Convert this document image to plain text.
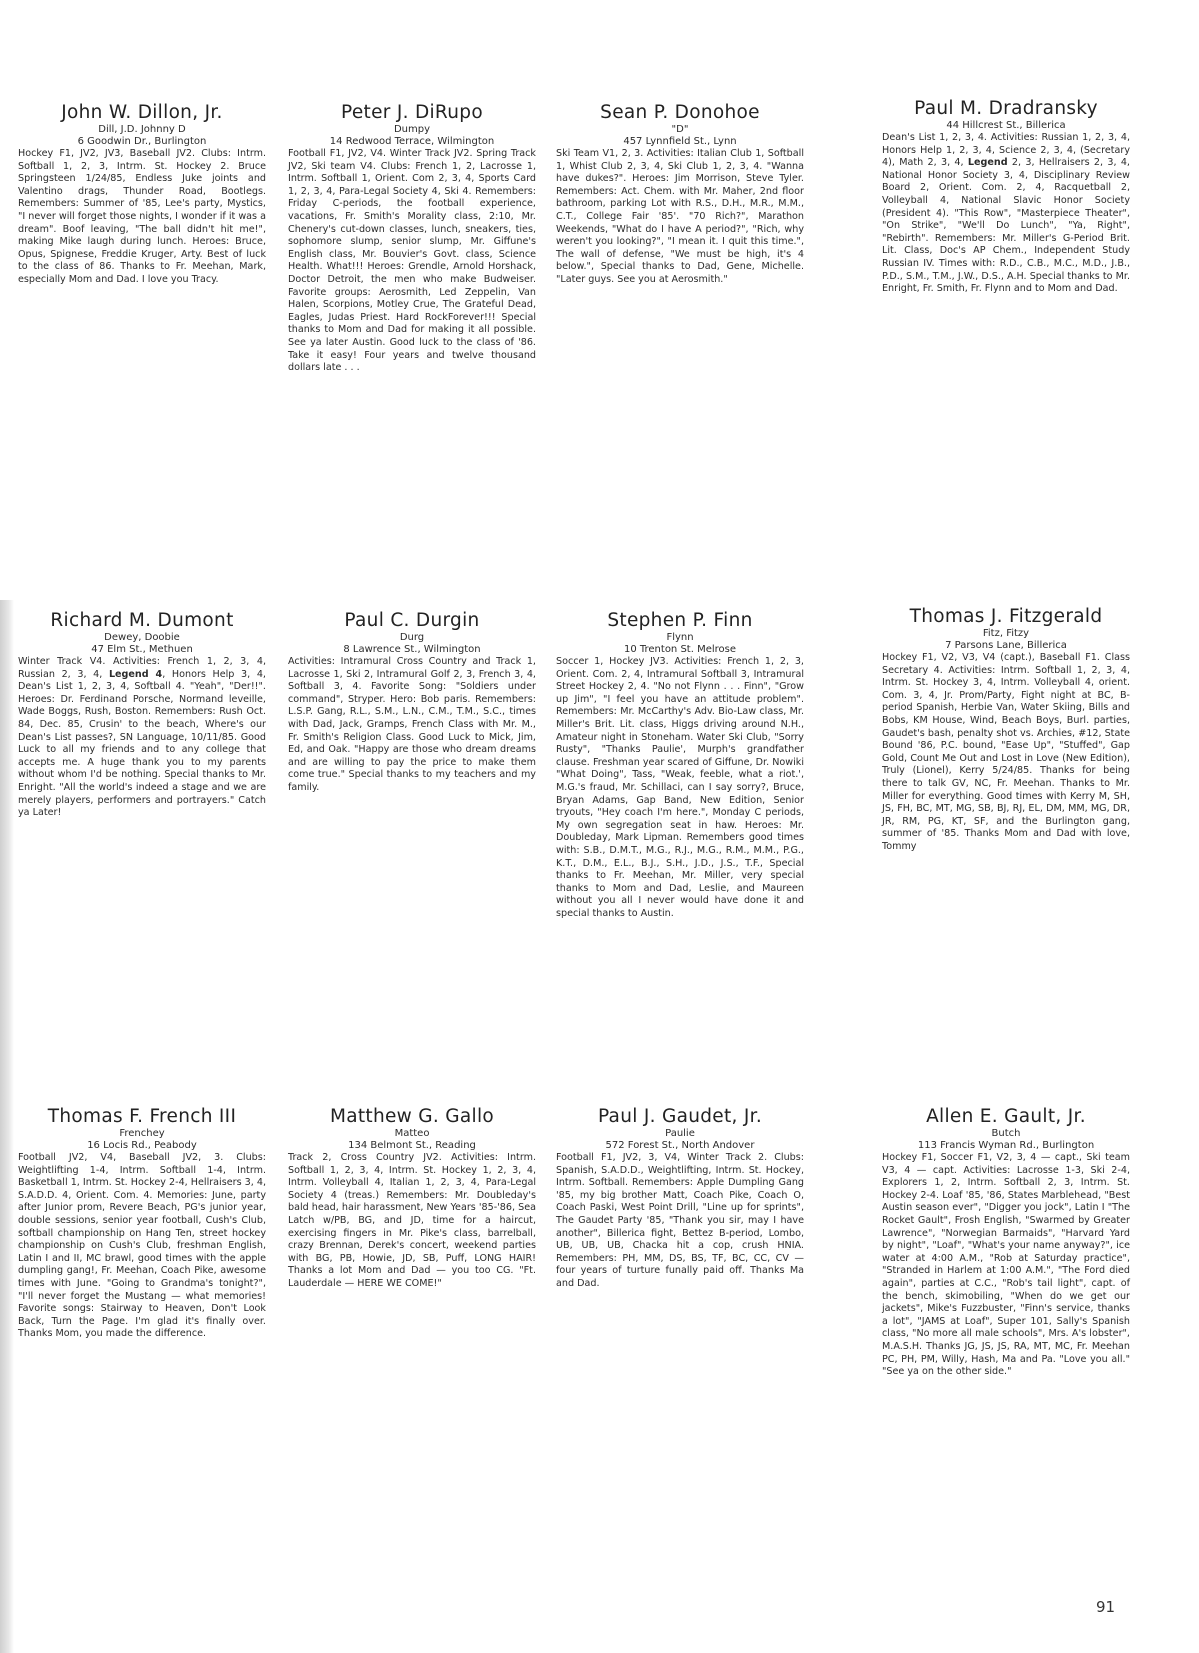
John W. Dillon, Jr.

Dill, J.D. Johnny D

6 Goodwin Dr., Burlington

Hockey F1, JV2, JV3, Baseball JV2. Clubs: Intrm. Softball 1, 2, 3, Intrm. St. Hockey 2. Bruce Springsteen 1/24/85, Endless Juke joints and Valentino drags, Thunder Road, Bootlegs. Remembers: Summer of '85, Lee's party, Mystics, "I never will forget those nights, I wonder if it was a dream". Boof leaving, "The ball didn't hit me!", making Mike laugh during lunch. Heroes: Bruce, Opus, Spignese, Freddie Kruger, Arty. Best of luck to the class of 86. Thanks to Fr. Meehan, Mark, especially Mom and Dad. I love you Tracy.

Peter J. DiRupo

Dumpy

14 Redwood Terrace, Wilmington

Football F1, JV2, V4. Winter Track JV2. Spring Track JV2, Ski team V4. Clubs: French 1, 2, Lacrosse 1, Intrm. Softball 1, Orient. Com 2, 3, 4, Sports Card 1, 2, 3, 4, Para-Legal Society 4, Ski 4. Remembers: Friday C-periods, the football experience, vacations, Fr. Smith's Morality class, 2:10, Mr. Chenery's cut-down classes, lunch, sneakers, ties, sophomore slump, senior slump, Mr. Giffune's English class, Mr. Bouvier's Govt. class, Science Health. What!!! Heroes: Grendle, Arnold Horshack, Doctor Detroit, the men who make Budweiser. Favorite groups: Aerosmith, Led Zeppelin, Van Halen, Scorpions, Motley Crue, The Grateful Dead, Eagles, Judas Priest. Hard RockForever!!! Special thanks to Mom and Dad for making it all possible. See ya later Austin. Good luck to the class of '86. Take it easy! Four years and twelve thousand dollars late . . .

Sean P. Donohoe

"D"

457 Lynnfield St., Lynn

Ski Team V1, 2, 3. Activities: Italian Club 1, Softball 1, Whist Club 2, 3, 4, Ski Club 1, 2, 3, 4. "Wanna have dukes?". Heroes: Jim Morrison, Steve Tyler. Remembers: Act. Chem. with Mr. Maher, 2nd floor bathroom, parking Lot with R.S., D.H., M.R., M.M., C.T., College Fair '85'. "70 Rich?", Marathon Weekends, "What do I have A period?", "Rich, why weren't you looking?", "I mean it. I quit this time.", The wall of defense, "We must be high, it's 4 below.", Special thanks to Dad, Gene, Michelle. "Later guys. See you at Aerosmith."

Paul M. Dradransky

44 Hillcrest St., Billerica

Dean's List 1, 2, 3, 4. Activities: Russian 1, 2, 3, 4, Honors Help 1, 2, 3, 4, Science 2, 3, 4, (Secretary 4), Math 2, 3, 4, Legend 2, 3, Hellraisers 2, 3, 4, National Honor Society 3, 4, Disciplinary Review Board 2, Orient. Com. 2, 4, Racquetball 2, Volleyball 4, National Slavic Honor Society (President 4). "This Row", "Masterpiece Theater", "On Strike", "We'll Do Lunch", "Ya, Right", "Rebirth". Remembers: Mr. Miller's G-Period Brit. Lit. Class, Doc's AP Chem., Independent Study Russian IV. Times with: R.D., C.B., M.C., M.D., J.B., P.D., S.M., T.M., J.W., D.S., A.H. Special thanks to Mr. Enright, Fr. Smith, Fr. Flynn and to Mom and Dad.

Richard M. Dumont

Dewey, Doobie

47 Elm St., Methuen

Winter Track V4. Activities: French 1, 2, 3, 4, Russian 2, 3, 4, Legend 4, Honors Help 3, 4, Dean's List 1, 2, 3, 4, Softball 4. "Yeah", "Der!!". Heroes: Dr. Ferdinand Porsche, Normand leveille, Wade Boggs, Rush, Boston. Remembers: Rush Oct. 84, Dec. 85, Crusin' to the beach, Where's our Dean's List passes?, SN Language, 10/11/85. Good Luck to all my friends and to any college that accepts me. A huge thank you to my parents without whom I'd be nothing. Special thanks to Mr. Enright. "All the world's indeed a stage and we are merely players, performers and portrayers." Catch ya Later!

Paul C. Durgin

Durg

8 Lawrence St., Wilmington

Activities: Intramural Cross Country and Track 1, Lacrosse 1, Ski 2, Intramural Golf 2, 3, French 3, 4, Softball 3, 4. Favorite Song: "Soldiers under command", Stryper. Hero: Bob paris. Remembers: L.S.P. Gang, R.L., S.M., L.N., C.M., T.M., S.C., times with Dad, Jack, Gramps, French Class with Mr. M., Fr. Smith's Religion Class. Good Luck to Mick, Jim, Ed, and Oak. "Happy are those who dream dreams and are willing to pay the price to make them come true." Special thanks to my teachers and my family.

Stephen P. Finn

Flynn

10 Trenton St. Melrose

Soccer 1, Hockey JV3. Activities: French 1, 2, 3, Orient. Com. 2, 4, Intramural Softball 3, Intramural Street Hockey 2, 4. "No not Flynn . . . Finn", "Grow up Jim", "I feel you have an attitude problem". Remembers: Mr. McCarthy's Adv. Bio-Law class, Mr. Miller's Brit. Lit. class, Higgs driving around N.H., Amateur night in Stoneham. Water Ski Club, "Sorry Rusty", "Thanks Paulie', Murph's grandfather clause. Freshman year scared of Giffune, Dr. Nowiki "What Doing", Tass, "Weak, feeble, what a riot.', M.G.'s fraud, Mr. Schillaci, can I say sorry?, Bruce, Bryan Adams, Gap Band, New Edition, Senior tryouts, "Hey coach I'm here.", Monday C periods, My own segregation seat in haw. Heroes: Mr. Doubleday, Mark Lipman. Remembers good times with: S.B., D.M.T., M.G., R.J., M.G., R.M., M.M., P.G., K.T., D.M., E.L., B.J., S.H., J.D., J.S., T.F., Special thanks to Fr. Meehan, Mr. Miller, very special thanks to Mom and Dad, Leslie, and Maureen without you all I never would have done it and special thanks to Austin.

Thomas J. Fitzgerald

Fitz, Fitzy

7 Parsons Lane, Billerica

Hockey F1, V2, V3, V4 (capt.), Baseball F1. Class Secretary 4. Activities: Intrm. Softball 1, 2, 3, 4, Intrm. St. Hockey 3, 4, Intrm. Volleyball 4, orient. Com. 3, 4, Jr. Prom/Party, Fight night at BC, B-period Spanish, Herbie Van, Water Skiing, Bills and Bobs, KM House, Wind, Beach Boys, Burl. parties, Gaudet's bash, penalty shot vs. Archies, #12, State Bound '86, P.C. bound, "Ease Up", "Stuffed", Gap Gold, Count Me Out and Lost in Love (New Edition), Truly (Lionel), Kerry 5/24/85. Thanks for being there to talk GV, NC, Fr. Meehan. Thanks to Mr. Miller for everything. Good times with Kerry M, SH, JS, FH, BC, MT, MG, SB, BJ, RJ, EL, DM, MM, MG, DR, JR, RM, PG, KT, SF, and the Burlington gang, summer of '85. Thanks Mom and Dad with love, Tommy

Thomas F. French III

Frenchey

16 Locis Rd., Peabody

Football JV2, V4, Baseball JV2, 3. Clubs: Weightlifting 1-4, Intrm. Softball 1-4, Intrm. Basketball 1, Intrm. St. Hockey 2-4, Hellraisers 3, 4, S.A.D.D. 4, Orient. Com. 4. Memories: June, party after Junior prom, Revere Beach, PG's junior year, double sessions, senior year football, Cush's Club, softball championship on Hang Ten, street hockey championship on Cush's Club, freshman English, Latin I and II, MC brawl, good times with the apple dumpling gang!, Fr. Meehan, Coach Pike, awesome times with June. "Going to Grandma's tonight?", "I'll never forget the Mustang — what memories! Favorite songs: Stairway to Heaven, Don't Look Back, Turn the Page. I'm glad it's finally over. Thanks Mom, you made the difference.

Matthew G. Gallo

Matteo

134 Belmont St., Reading

Track 2, Cross Country JV2. Activities: Intrm. Softball 1, 2, 3, 4, Intrm. St. Hockey 1, 2, 3, 4, Intrm. Volleyball 4, Italian 1, 2, 3, 4, Para-Legal Society 4 (treas.) Remembers: Mr. Doubleday's bald head, hair harassment, New Years '85-'86, Sea Latch w/PB, BG, and JD, time for a haircut, exercising fingers in Mr. Pike's class, barrelball, crazy Brennan, Derek's concert, weekend parties with BG, PB, Howie, JD, SB, Puff, LONG HAIR! Thanks a lot Mom and Dad — you too CG. "Ft. Lauderdale — HERE WE COME!"

Paul J. Gaudet, Jr.

Paulie

572 Forest St., North Andover

Football F1, JV2, 3, V4, Winter Track 2. Clubs: Spanish, S.A.D.D., Weightlifting, Intrm. St. Hockey, Intrm. Softball. Remembers: Apple Dumpling Gang '85, my big brother Matt, Coach Pike, Coach O, Coach Paski, West Point Drill, "Line up for sprints", The Gaudet Party '85, "Thank you sir, may I have another", Billerica fight, Bettez B-period, Lombo, UB, UB, UB, Chacka hit a cop, crush HNIA. Remembers: PH, MM, DS, BS, TF, BC, CC, CV — four years of turture funally paid off. Thanks Ma and Dad.

Allen E. Gault, Jr.

Butch

113 Francis Wyman Rd., Burlington

Hockey F1, Soccer F1, V2, 3, 4 — capt., Ski team V3, 4 — capt. Activities: Lacrosse 1-3, Ski 2-4, Explorers 1, 2, Intrm. Softball 2, 3, Intrm. St. Hockey 2-4. Loaf '85, '86, States Marblehead, "Best Austin season ever", "Digger you jock", Latin I "The Rocket Gault", Frosh English, "Swarmed by Greater Lawrence", "Norwegian Barmaids", "Harvard Yard by night", "Loaf", "What's your name anyway?", ice water at 4:00 A.M., "Rob at Saturday practice", "Stranded in Harlem at 1:00 A.M.", "The Ford died again", parties at C.C., "Rob's tail light", capt. of the bench, skimobiling, "When do we get our jackets", Mike's Fuzzbuster, "Finn's service, thanks a lot", "JAMS at Loaf", Super 101, Sally's Spanish class, "No more all male schools", Mrs. A's lobster", M.A.S.H. Thanks JG, JS, JS, RA, MT, MC, Fr. Meehan PC, PH, PM, Willy, Hash, Ma and Pa. "Love you all." "See ya on the other side."

91
